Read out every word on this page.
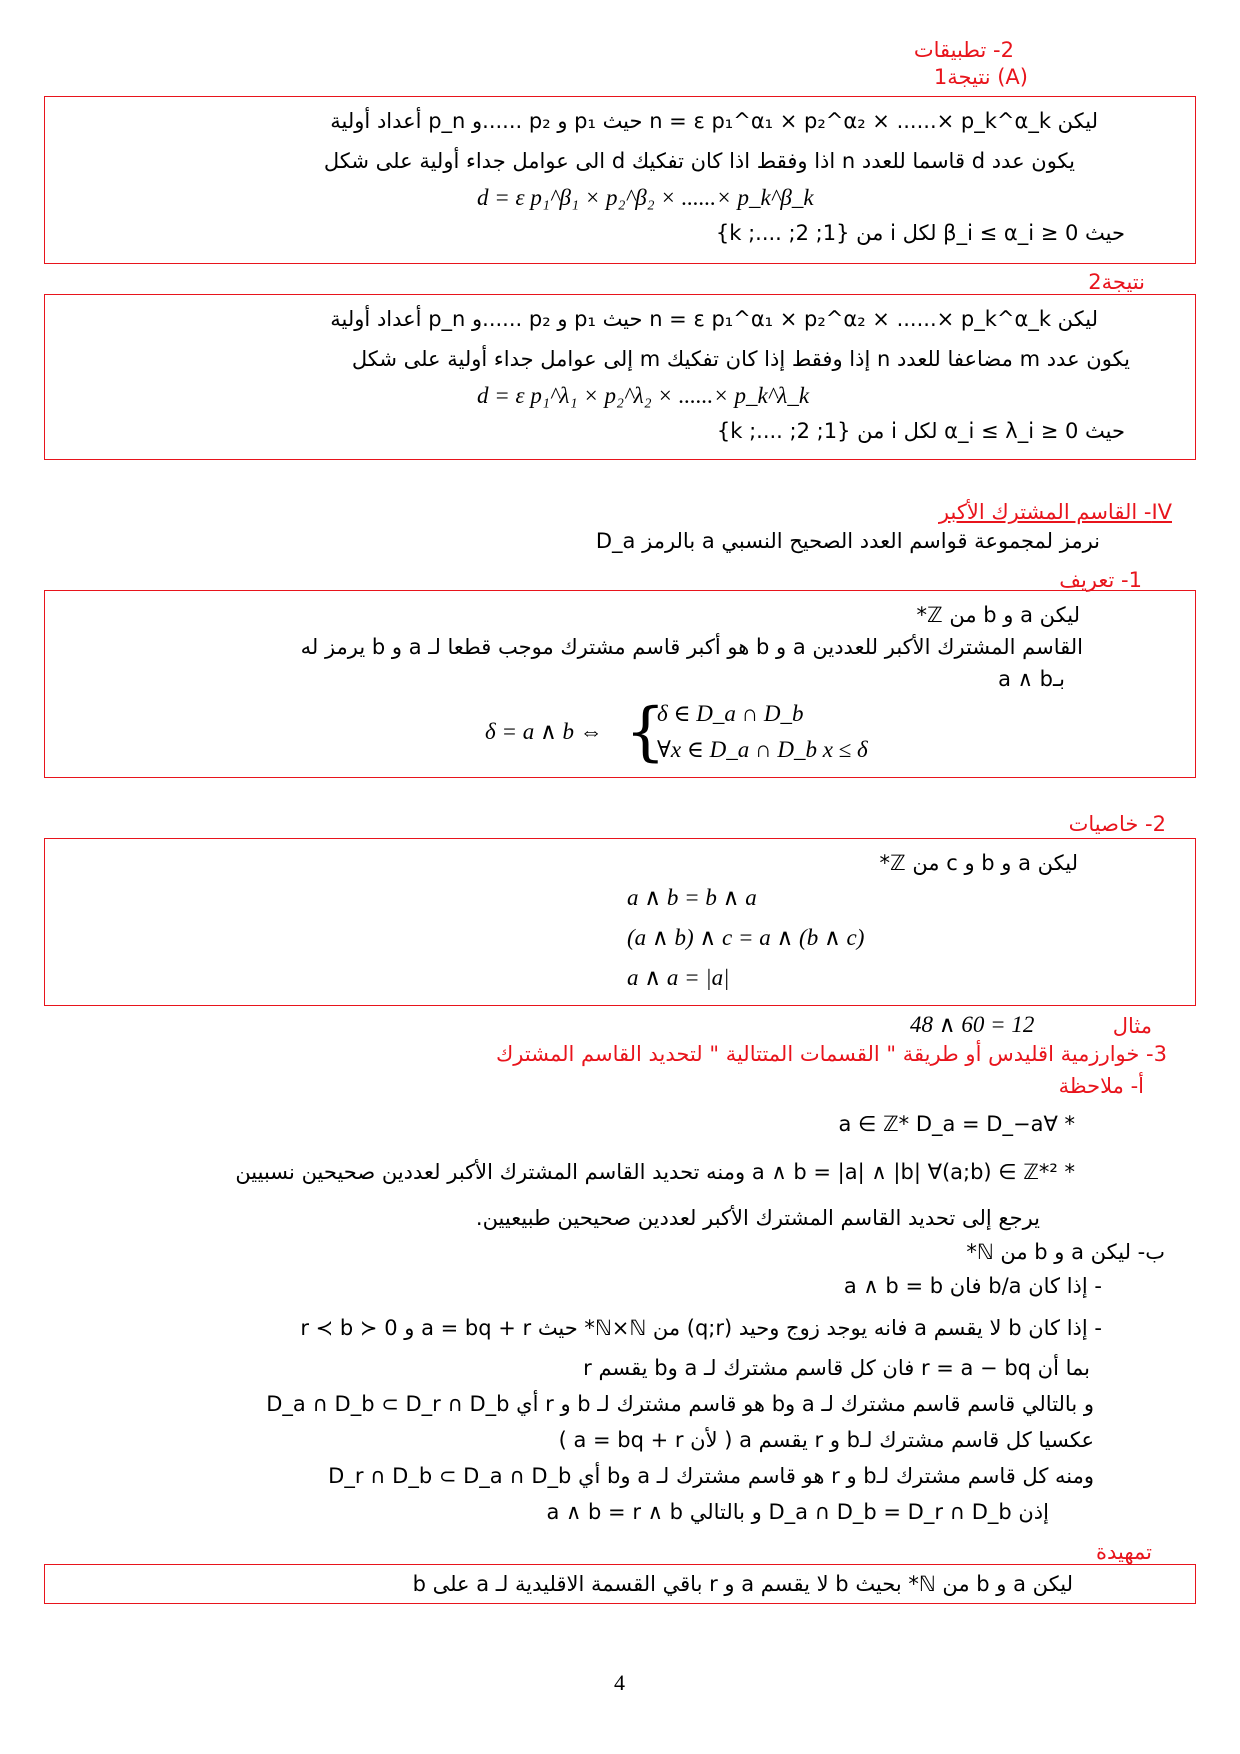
2- تطبيقات
(A) نتيجة1
ليكن n = ε p₁^α₁ × p₂^α₂ × ......× p_k^α_k حيث p₁ و p₂ ......و p_n أعداد أولية
يكون عدد d قاسما للعدد n اذا وفقط اذا كان تفكيك d الى عوامل جداء أولية على شكل
d = ε p₁^β₁ × p₂^β₂ × ......× p_k^β_k
حيث 0 ≤ β_i ≤ α_i لكل i من {1; 2; ....; k}
نتيجة2
ليكن n = ε p₁^α₁ × p₂^α₂ × ......× p_k^α_k حيث p₁ و p₂ ......و p_n أعداد أولية
يكون عدد m مضاعفا للعدد n إذا وفقط إذا كان تفكيك m إلى عوامل جداء أولية على شكل
d = ε p₁^λ₁ × p₂^λ₂ × ......× p_k^λ_k
حيث 0 ≤ α_i ≤ λ_i لكل i من {1; 2; ....; k}
IV- القاسم المشترك الأكبر
نرمز لمجموعة قواسم العدد الصحيح النسبي a بالرمز D_a
1- تعريف
ليكن a و b من ℤ*
القاسم المشترك الأكبر للعددين a و b هو أكبر قاسم مشترك موجب قطعا لـ a و b يرمز له
بـa ∧ b
δ = a ∧ b ⇔ {
δ ∈ D_a ∩ D_b
∀x ∈ D_a ∩ D_b x ≤ δ
2- خاصيات
ليكن a و b و c من ℤ*
a ∧ b = b ∧ a
(a ∧ b) ∧ c = a ∧ (b ∧ c)
a ∧ a = |a|
مثال
48 ∧ 60 = 12
3- خوارزمية اقليدس أو طريقة " القسمات المتتالية " لتحديد القاسم المشترك
أ- ملاحظة
* ∀a ∈ ℤ* D_a = D_−a
* a ∧ b = |a| ∧ |b| ∀(a;b) ∈ ℤ*² ومنه تحديد القاسم المشترك الأكبر لعددين صحيحين نسبيين
يرجع إلى تحديد القاسم المشترك الأكبر لعددين صحيحين طبيعيين.
ب- ليكن a و b من ℕ*
- إذا كان b/a فان a ∧ b = b
- إذا كان b لا يقسم a فانه يوجد زوج وحيد (q;r) من ℕ×ℕ* حيث a = bq + r و 0 ≺ r ≺ b
بما أن r = a − bq فان كل قاسم مشترك لـ a وb يقسم r
و بالتالي قاسم قاسم مشترك لـ a وb هو قاسم مشترك لـ b و r أي D_a ∩ D_b ⊂ D_r ∩ D_b
عكسيا كل قاسم مشترك لـb و r يقسم a ( لأن a = bq + r )
ومنه كل قاسم مشترك لـb و r هو قاسم مشترك لـ a وb أي D_r ∩ D_b ⊂ D_a ∩ D_b
إذن D_a ∩ D_b = D_r ∩ D_b و بالتالي a ∧ b = r ∧ b
تمهيدة
ليكن a و b من ℕ* بحيث b لا يقسم a و r باقي القسمة الاقليدية لـ a على b
4
